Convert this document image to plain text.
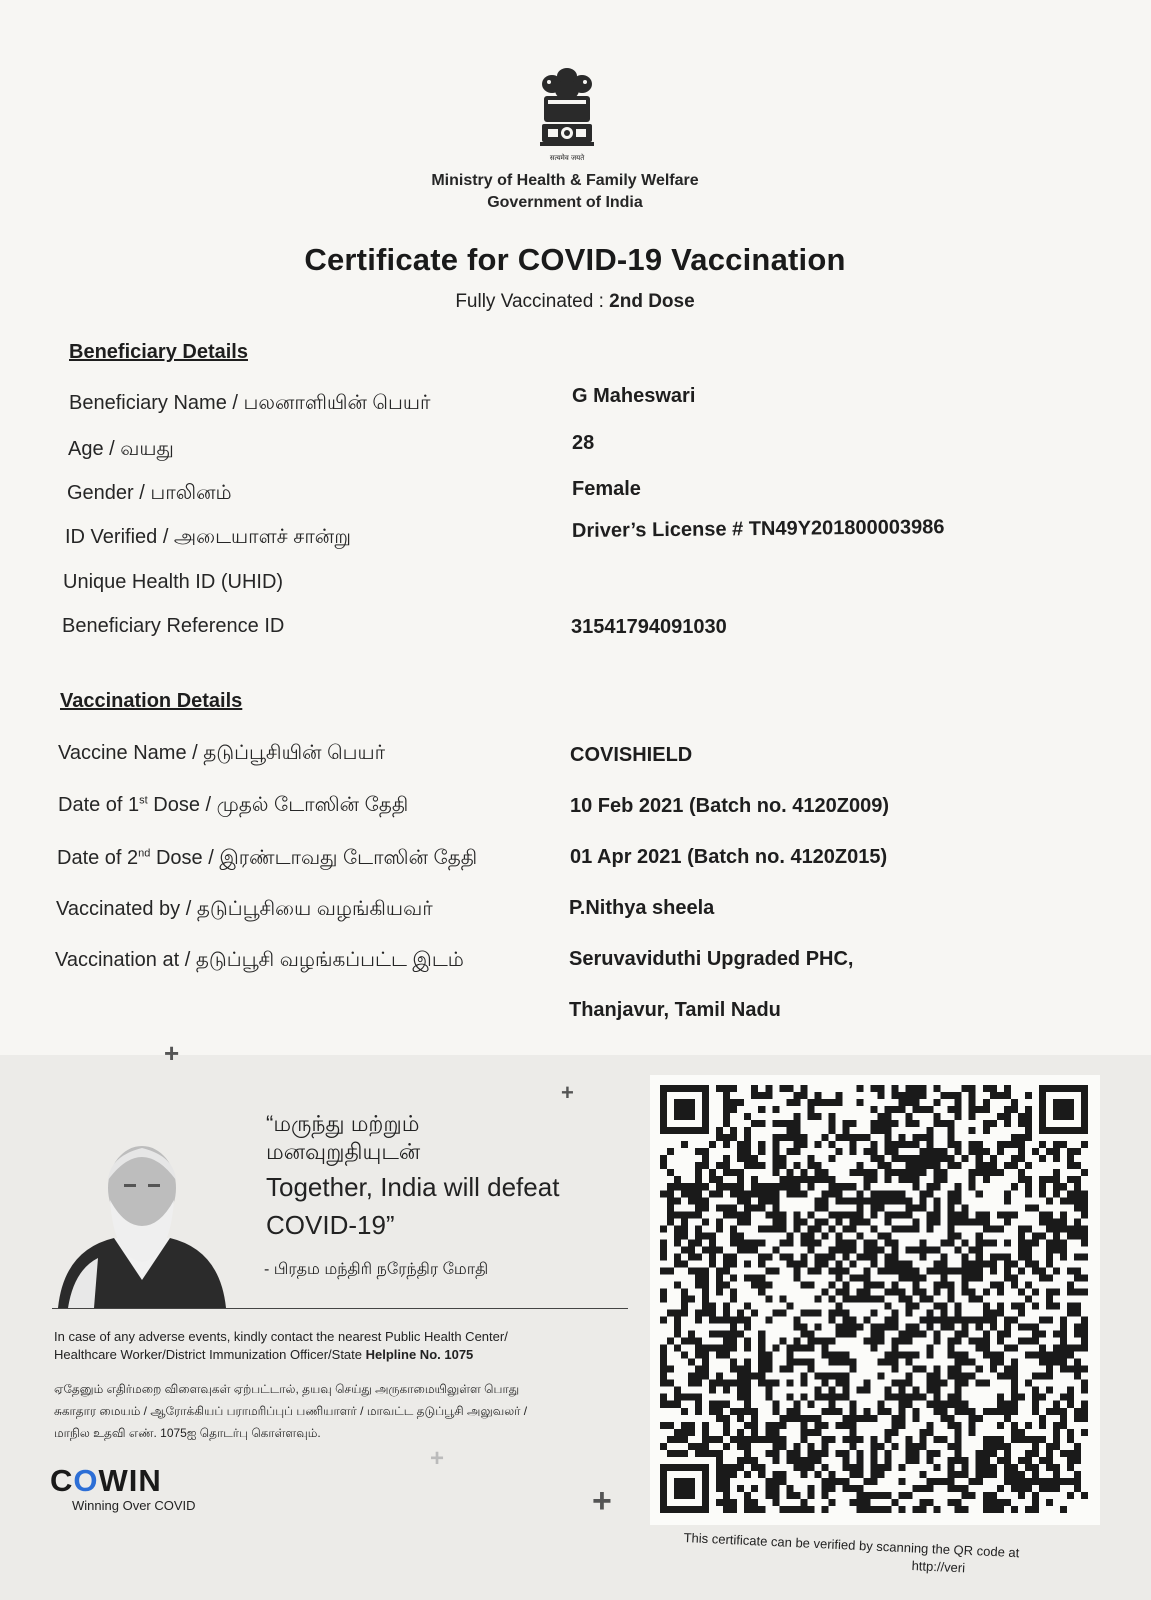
सत्यमेव जयते
Ministry of Health & Family Welfare
Government of India
Certificate for COVID-19 Vaccination
Fully Vaccinated : 2nd Dose
Beneficiary Details
Beneficiary Name / பலனாளியின் பெயர்	G Maheswari
Age / வயது	28
Gender / பாலினம்	Female
ID Verified / அடையாளச் சான்று	Driver’s License # TN49Y201800003986
Unique Health ID (UHID)
Beneficiary Reference ID	31541794091030
Vaccination Details
Vaccine Name / தடுப்பூசியின் பெயர்	COVISHIELD
Date of 1st Dose / முதல் டோஸின் தேதி	10 Feb 2021 (Batch no. 4120Z009)
Date of 2nd Dose / இரண்டாவது டோஸின் தேதி	01 Apr 2021 (Batch no. 4120Z015)
Vaccinated by / தடுப்பூசியை வழங்கியவர்	P.Nithya sheela
Vaccination at / தடுப்பூசி வழங்கப்பட்ட இடம்	Seruvaviduthi Upgraded PHC,
Thanjavur, Tamil Nadu
+
+
+
+
“மருந்து மற்றும்
மனவுறுதியுடன்
Together, India will defeat
COVID-19”
- பிரதம மந்திரி நரேந்திர மோதி
In case of any adverse events, kindly contact the nearest Public Health Center/
Healthcare Worker/District Immunization Officer/State Helpline No. 1075
ஏதேனும் எதிர்மறை விளைவுகள் ஏற்பட்டால், தயவு செய்து அருகாமையிலுள்ள பொது
சுகாதார மையம் / ஆரோக்கியப் பராமரிப்புப் பணியாளர் / மாவட்ட தடுப்பூசி அலுவலர் /
மாநில உதவி எண். 1075ஐ தொடர்பு கொள்ளவும்.
COWIN
Winning Over COVID
This certificate can be verified by scanning the QR code at
http://veri
